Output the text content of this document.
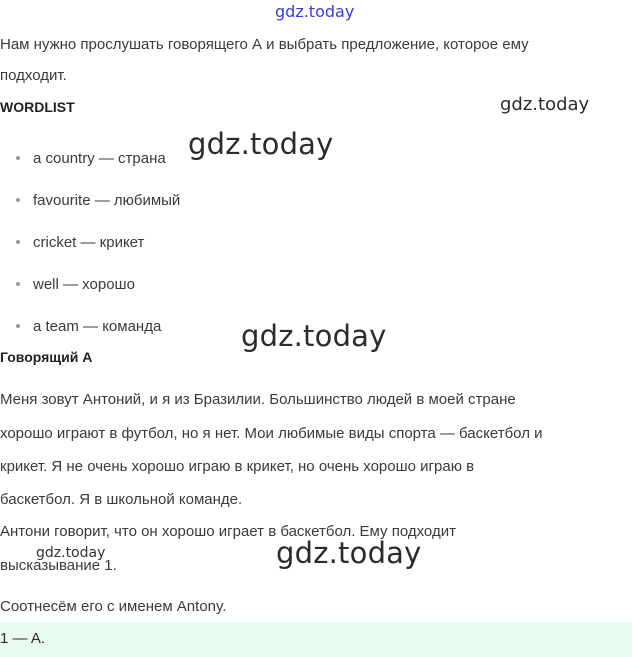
gdz.today
Нам нужно прослушать говорящего А и выбрать предложение, которое ему
подходит.
WORDLIST	gdz.today
a country — страна
favourite — любимый
cricket — крикет
well — хорошо
a team — команда
gdz.today
gdz.today
Говорящий А
Меня зовут Антоний, и я из Бразилии. Большинство людей в моей стране
хорошо играют в футбол, но я нет. Мои любимые виды спорта — баскетбол и
крикет. Я не очень хорошо играю в крикет, но очень хорошо играю в
баскетбол. Я в школьной команде.
Антони говорит, что он хорошо играет в баскетбол. Ему подходит
высказывание 1.
gdz.today	gdz.today
Соотнесём его с именем Antony.
1 — A.
